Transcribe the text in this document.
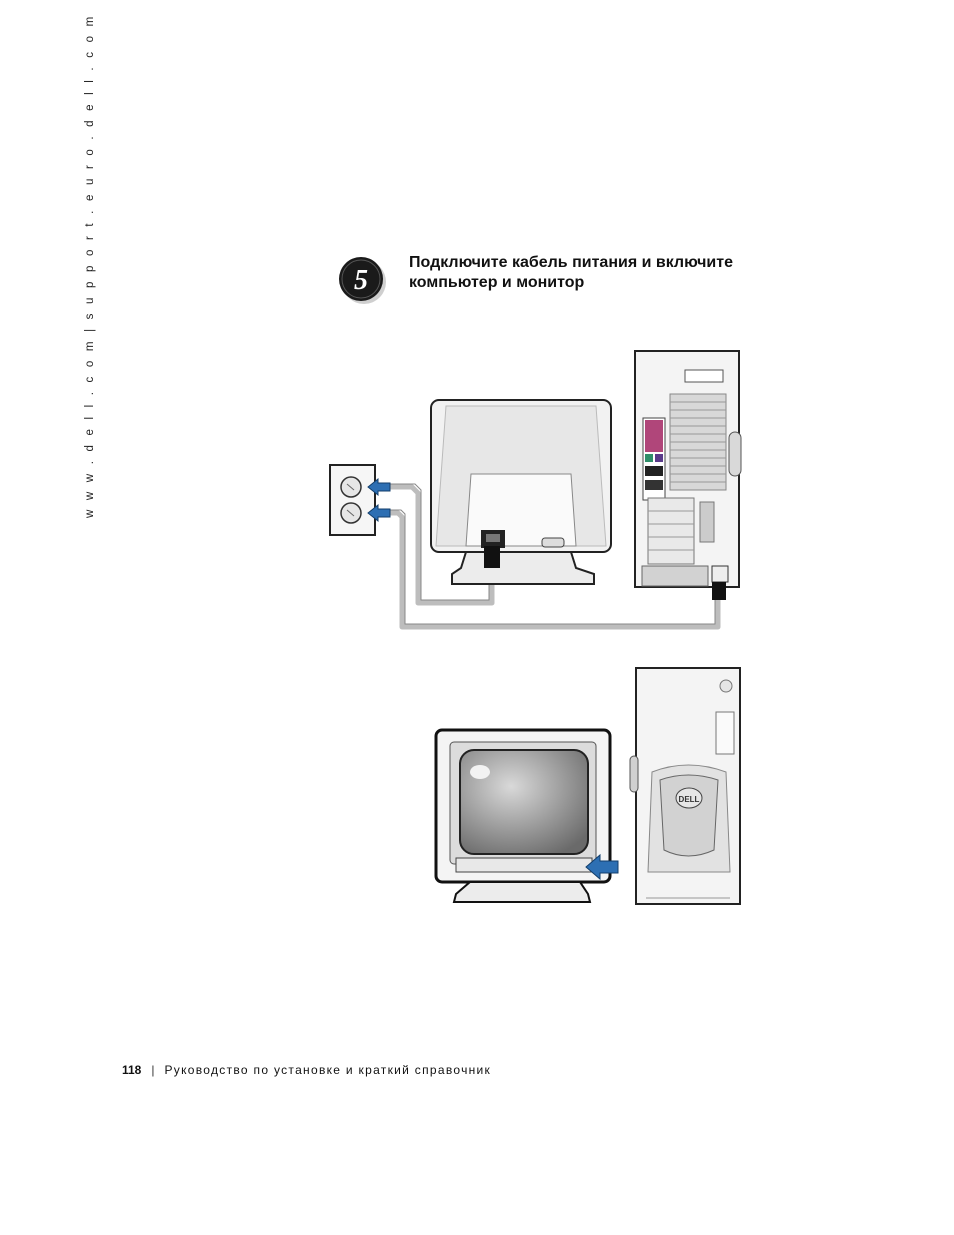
w w w . d e l l . c o m | s u p p o r t . e u r o . d e l l . c o m	5
Подключите кабель питания и включите
компьютер и монитор
DELL
118 | Руководство по установке и краткий справочник
